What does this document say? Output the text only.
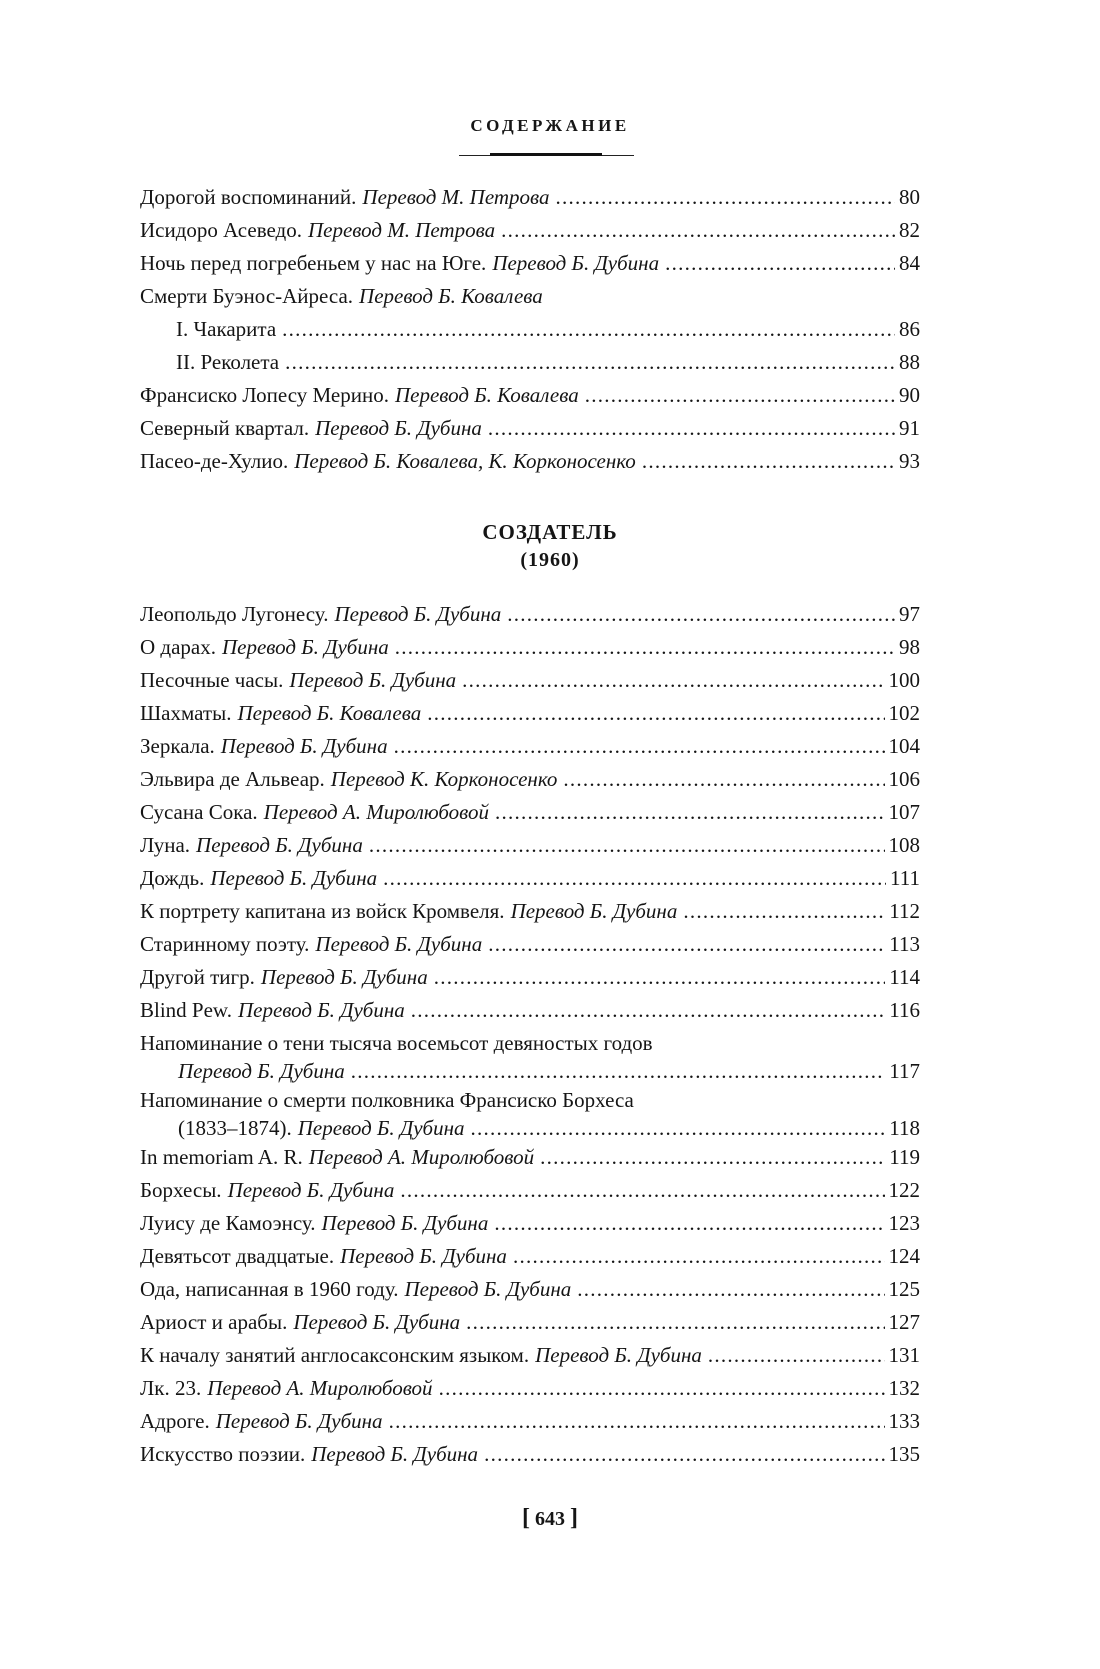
СОДЕРЖАНИЕ
Дорогой воспоминаний. Перевод М. Петрова . . .	80
Исидоро Асеведо. Перевод М. Петрова . . .	82
Ночь перед погребеньем у нас на Юге. Перевод Б. Дубина . . .	84
Смерти Буэнос-Айреса. Перевод Б. Ковалева
I. Чакарита . . .	86
II. Реколета . . .	88
Франсиско Лопесу Мерино. Перевод Б. Ковалева . . .	90
Северный квартал. Перевод Б. Дубина . . .	91
Пасео-де-Хулио. Перевод Б. Ковалева, К. Корконосенко . . .	93
СОЗДАТЕЛЬ
(1960)
Леопольдо Лугонесу. Перевод Б. Дубина . . .	97
О дарах. Перевод Б. Дубина . . .	98
Песочные часы. Перевод Б. Дубина . . .	100
Шахматы. Перевод Б. Ковалева . . .	102
Зеркала. Перевод Б. Дубина . . .	104
Эльвира де Альвеар. Перевод К. Корконосенко . . .	106
Сусана Сока. Перевод А. Миролюбовой . . .	107
Луна. Перевод Б. Дубина . . .	108
Дождь. Перевод Б. Дубина . . .	111
К портрету капитана из войск Кромвеля. Перевод Б. Дубина . . .	112
Старинному поэту. Перевод Б. Дубина . . .	113
Другой тигр. Перевод Б. Дубина . . .	114
Blind Pew. Перевод Б. Дубина . . .	116
Напоминание о тени тысяча восемьсот девяностых годов
Перевод Б. Дубина . . .	117
Напоминание о смерти полковника Франсиско Борхеса
(1833–1874). Перевод Б. Дубина . . .	118
In memoriam A. R. Перевод А. Миролюбовой . . .	119
Борхесы. Перевод Б. Дубина . . .	122
Луису де Камоэнсу. Перевод Б. Дубина . . .	123
Девятьсот двадцатые. Перевод Б. Дубина . . .	124
Ода, написанная в 1960 году. Перевод Б. Дубина . . .	125
Ариост и арабы. Перевод Б. Дубина . . .	127
К началу занятий англосаксонским языком. Перевод Б. Дубина . . .	131
Лк. 23. Перевод А. Миролюбовой . . .	132
Адроге. Перевод Б. Дубина . . .	133
Искусство поэзии. Перевод Б. Дубина . . .	135
[ 643 ]
